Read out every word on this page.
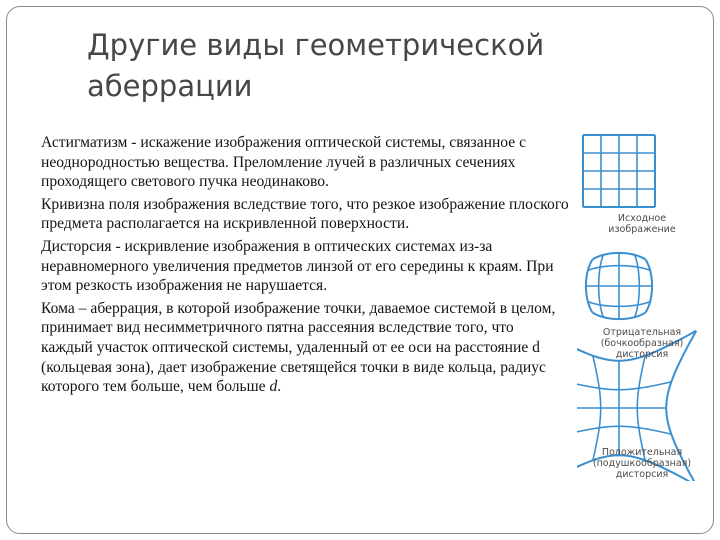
Другие виды геометрической
аберрации

Астигматизм - искажение изображения оптической системы, связанное с неоднородностью вещества. Преломление лучей в различных сечениях проходящего светового пучка неодинаково.

Кривизна поля изображения вследствие того, что резкое изображение плоского предмета располагается на искривленной поверхности.

Дисторсия - искривление изображения в оптических системах из-за неравномерного увеличения предметов линзой от его середины к краям. При этом резкость изображения не нарушается.

Кома – аберрация, в которой изображение точки, даваемое системой в целом, принимает вид несимметричного пятна рассеяния вследствие того, что каждый участок оптической системы, удаленный от ее оси на расстояние d (кольцевая зона), дает изображение светящейся точки в виде кольца, радиус которого тем больше, чем больше d.

Исходное
изображение
Отрицательная
(бочкообразная)
дисторсия
Положительная
(подушкообразная)
дисторсия
